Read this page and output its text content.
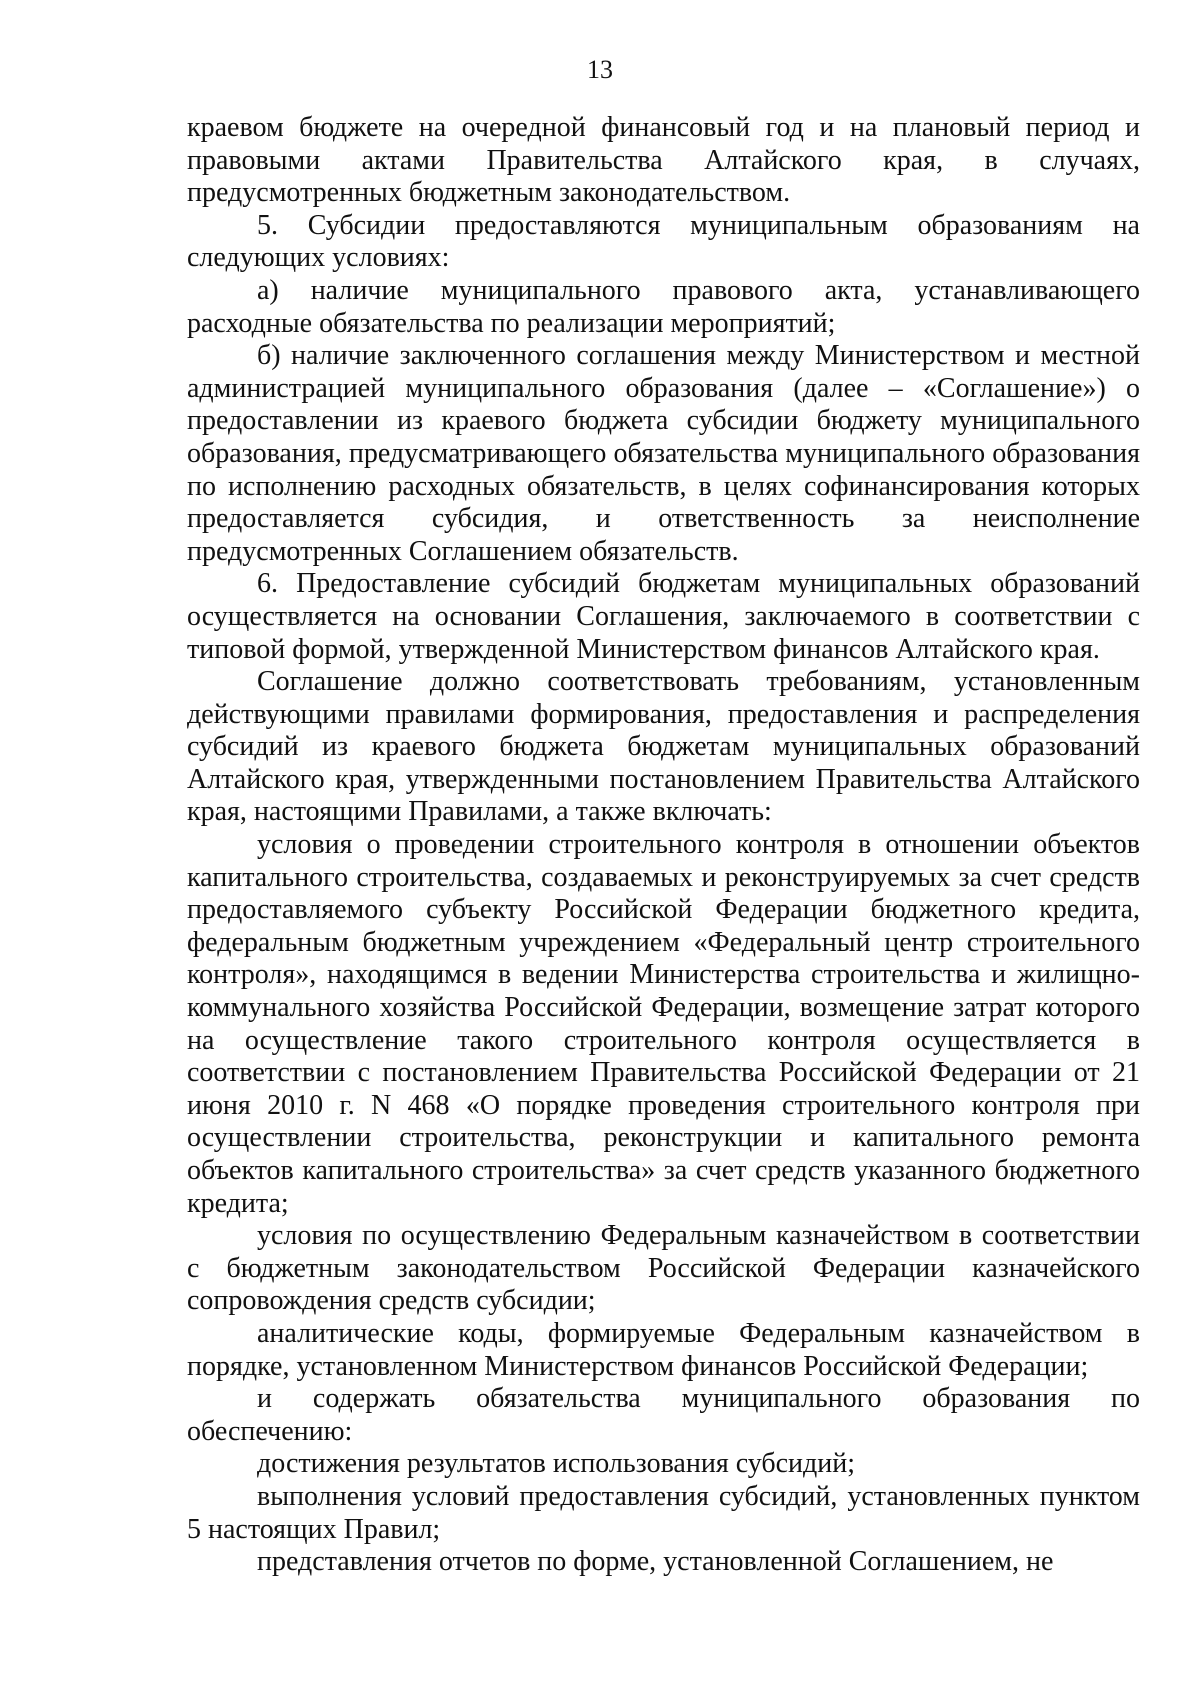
13

краевом бюджете на очередной финансовый год и на плановый период и правовыми актами Правительства Алтайского края, в случаях, предусмотренных бюджетным законодательством.

5. Субсидии предоставляются муниципальным образованиям на следующих условиях:

а) наличие муниципального правового акта, устанавливающего расходные обязательства по реализации мероприятий;

б) наличие заключенного соглашения между Министерством и местной администрацией муниципального образования (далее – «Соглашение») о предоставлении из краевого бюджета субсидии бюджету муниципального образования, предусматривающего обязательства муниципального образования по исполнению расходных обязательств, в целях софинансирования которых предоставляется субсидия, и ответственность за неисполнение предусмотренных Соглашением обязательств.

6. Предоставление субсидий бюджетам муниципальных образований осуществляется на основании Соглашения, заключаемого в соответствии с типовой формой, утвержденной Министерством финансов Алтайского края.

Соглашение должно соответствовать требованиям, установленным действующими правилами формирования, предоставления и распределения субсидий из краевого бюджета бюджетам муниципальных образований Алтайского края, утвержденными постановлением Правительства Алтайского края, настоящими Правилами, а также включать:

условия о проведении строительного контроля в отношении объектов капитального строительства, создаваемых и реконструируемых за счет средств предоставляемого субъекту Российской Федерации бюджетного кредита, федеральным бюджетным учреждением «Федеральный центр строительного контроля», находящимся в ведении Министерства строительства и жилищно-коммунального хозяйства Российской Федерации, возмещение затрат которого на осуществление такого строительного контроля осуществляется в соответствии с постановлением Правительства Российской Федерации от 21 июня 2010 г. N 468 «О порядке проведения строительного контроля при осуществлении строительства, реконструкции и капитального ремонта объектов капитального строительства» за счет средств указанного бюджетного кредита;

условия по осуществлению Федеральным казначейством в соответствии с бюджетным законодательством Российской Федерации казначейского сопровождения средств субсидии;

аналитические коды, формируемые Федеральным казначейством в порядке, установленном Министерством финансов Российской Федерации;

и содержать обязательства муниципального образования по обеспечению:

достижения результатов использования субсидий;

выполнения условий предоставления субсидий, установленных пунктом 5 настоящих Правил;

представления отчетов по форме, установленной Соглашением, не
